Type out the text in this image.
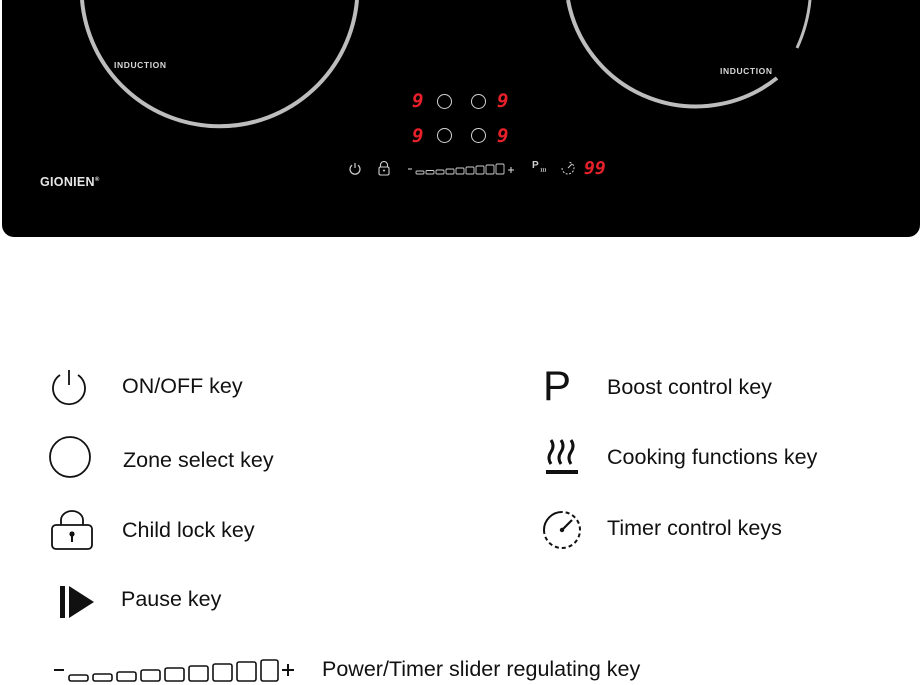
INDUCTION
INDUCTION
GIONIEN®
9	9
9	9
P	99
ON/OFF key
Zone select key
Child lock key
Pause key
P Boost control key
Cooking functions key
Timer control keys
Power/Timer slider regulating key
